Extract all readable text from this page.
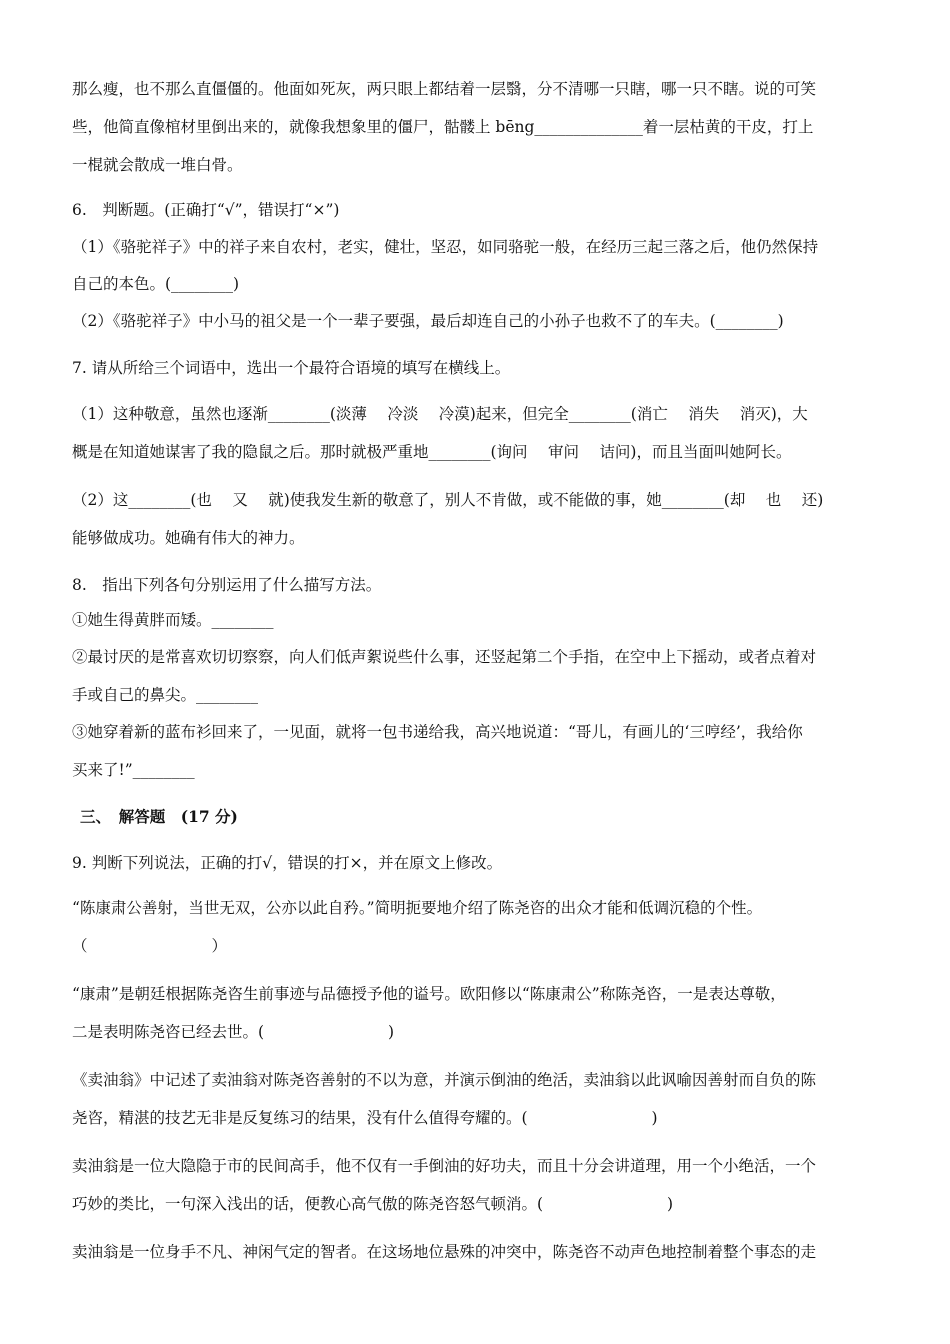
那么瘦，也不那么直僵僵的。他面如死灰，两只眼上都结着一层翳，分不清哪一只瞎，哪一只不瞎。说的可笑
些，他简直像棺材里倒出来的，就像我想象里的僵尸，骷髅上 bēng______________着一层枯黄的干皮，打上
一棍就会散成一堆白骨。
6.　判断题。(正确打“√”，错误打“×”)
（1）《骆驼祥子》中的祥子来自农村，老实，健壮，坚忍，如同骆驼一般，在经历三起三落之后，他仍然保持
自己的本色。(________)
（2）《骆驼祥子》中小马的祖父是一个一辈子要强，最后却连自己的小孙子也救不了的车夫。(________)
7. 请从所给三个词语中，选出一个最符合语境的填写在横线上。
（1）这种敬意，虽然也逐渐________(淡薄　 冷淡　 冷漠)起来，但完全________(消亡　 消失　 消灭)，大
概是在知道她谋害了我的隐鼠之后。那时就极严重地________(询问　 审问　 诘问)，而且当面叫她阿长。
（2）这________(也　 又　 就)使我发生新的敬意了，别人不肯做，或不能做的事，她________(却　 也　 还)
能够做成功。她确有伟大的神力。
8.　指出下列各句分别运用了什么描写方法。
①她生得黄胖而矮。________
②最讨厌的是常喜欢切切察察，向人们低声絮说些什么事，还竖起第二个手指，在空中上下摇动，或者点着对
手或自己的鼻尖。________
③她穿着新的蓝布衫回来了，一见面，就将一包书递给我，高兴地说道：“哥儿，有画儿的‘三哼经’，我给你
买来了!”________
三、　解答题　(17 分)
9. 判断下列说法，正确的打√，错误的打×，并在原文上修改。
“陈康肃公善射，当世无双，公亦以此自矜。”简明扼要地介绍了陈尧咨的出众才能和低调沉稳的个性。
（　　　　　　　　）
“康肃”是朝廷根据陈尧咨生前事迹与品德授予他的谥号。欧阳修以“陈康肃公”称陈尧咨，一是表达尊敬，
二是表明陈尧咨已经去世。(　　　　　　　　)
《卖油翁》中记述了卖油翁对陈尧咨善射的不以为意，并演示倒油的绝活，卖油翁以此讽喻因善射而自负的陈
尧咨，精湛的技艺无非是反复练习的结果，没有什么值得夸耀的。(　　　　　　　　)
卖油翁是一位大隐隐于市的民间高手，他不仅有一手倒油的好功夫，而且十分会讲道理，用一个小绝活，一个
巧妙的类比，一句深入浅出的话，便教心高气傲的陈尧咨怒气顿消。(　　　　　　　　)
卖油翁是一位身手不凡、神闲气定的智者。在这场地位悬殊的冲突中，陈尧咨不动声色地控制着整个事态的走
